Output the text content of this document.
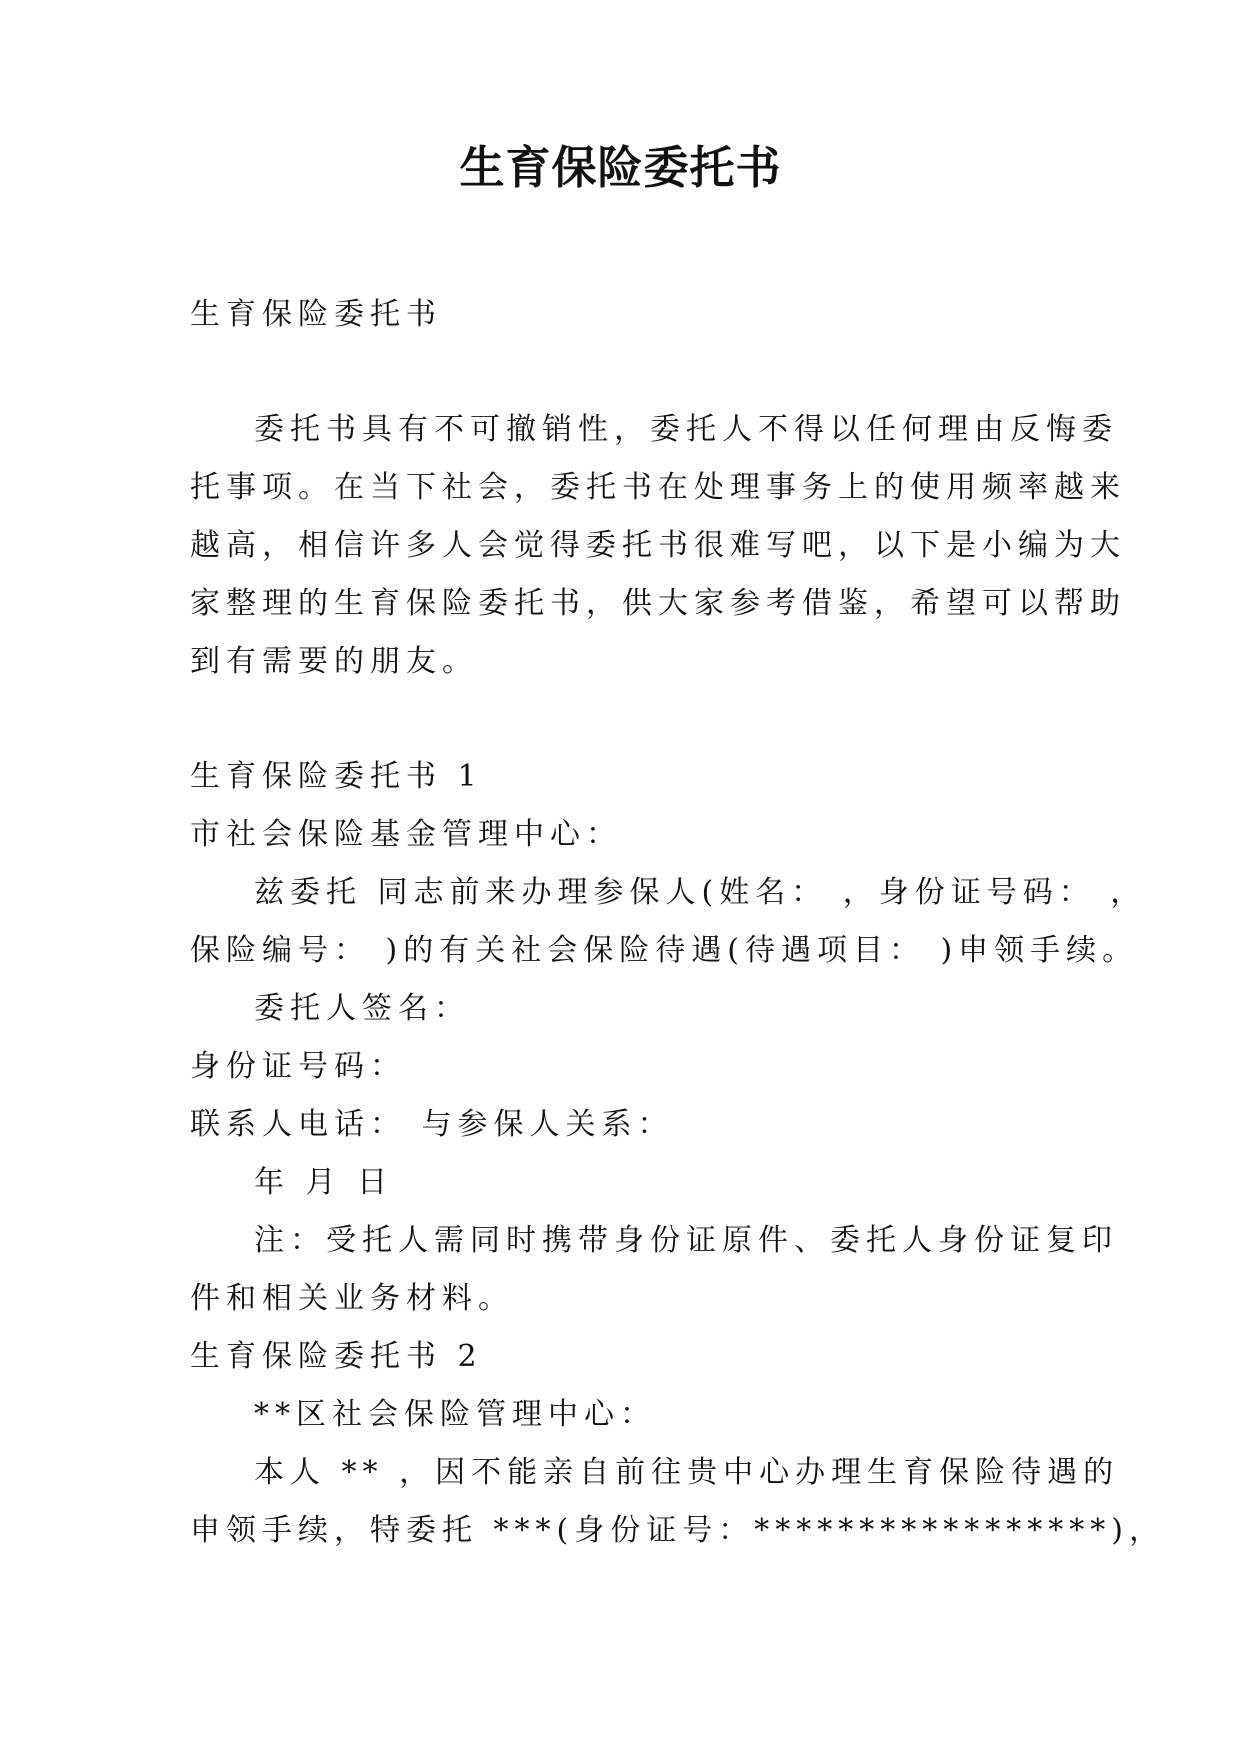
生育保险委托书

生育保险委托书

委托书具有不可撤销性，委托人不得以任何理由反悔委

托事项。在当下社会，委托书在处理事务上的使用频率越来

越高，相信许多人会觉得委托书很难写吧，以下是小编为大

家整理的生育保险委托书，供大家参考借鉴，希望可以帮助

到有需要的朋友。

生育保险委托书 1

市社会保险基金管理中心：

兹委托 同志前来办理参保人(姓名： ，身份证号码： ，

保险编号： )的有关社会保险待遇(待遇项目： )申领手续。

委托人签名：

身份证号码：

联系人电话： 与参保人关系：

年 月 日

注：受托人需同时携带身份证原件、委托人身份证复印

件和相关业务材料。

生育保险委托书 2

**区社会保险管理中心：

本人 ** ，因不能亲自前往贵中心办理生育保险待遇的

申领手续，特委托 ***(身份证号：*****************)，
